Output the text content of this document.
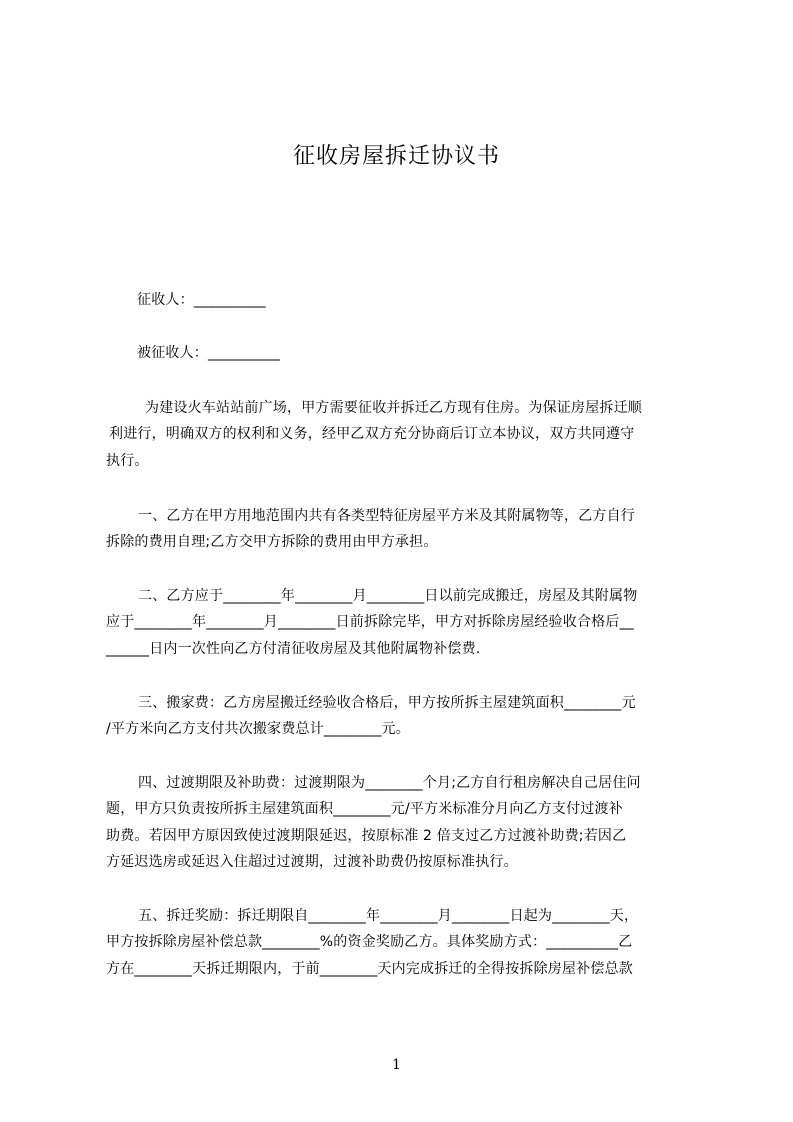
征收房屋拆迁协议书
征收人：__________
被征收人：__________
为建设火车站站前广场，甲方需要征收并拆迁乙方现有住房。为保证房屋拆迁顺
利进行，明确双方的权利和义务，经甲乙双方充分协商后订立本协议，双方共同遵守
执行。
一、乙方在甲方用地范围内共有各类型特征房屋平方米及其附属物等，乙方自行
拆除的费用自理;乙方交甲方拆除的费用由甲方承担。
二、乙方应于________年________月________日以前完成搬迁，房屋及其附属物
应于________年________月________日前拆除完毕，甲方对拆除房屋经验收合格后__
______日内一次性向乙方付清征收房屋及其他附属物补偿费.
三、搬家费：乙方房屋搬迁经验收合格后，甲方按所拆主屋建筑面积________元
/平方米向乙方支付共次搬家费总计________元。
四、过渡期限及补助费：过渡期限为________个月;乙方自行租房解决自己居住问
题，甲方只负责按所拆主屋建筑面积________元/平方米标准分月向乙方支付过渡补
助费。若因甲方原因致使过渡期限延迟，按原标准 2 倍支过乙方过渡补助费;若因乙
方延迟选房或延迟入住超过过渡期，过渡补助费仍按原标准执行。
五、拆迁奖励：拆迁期限自________年________月________日起为________天，
甲方按拆除房屋补偿总款________%的资金奖励乙方。具体奖励方式：__________乙
方在________天拆迁期限内，于前________天内完成拆迁的全得按拆除房屋补偿总款
1
